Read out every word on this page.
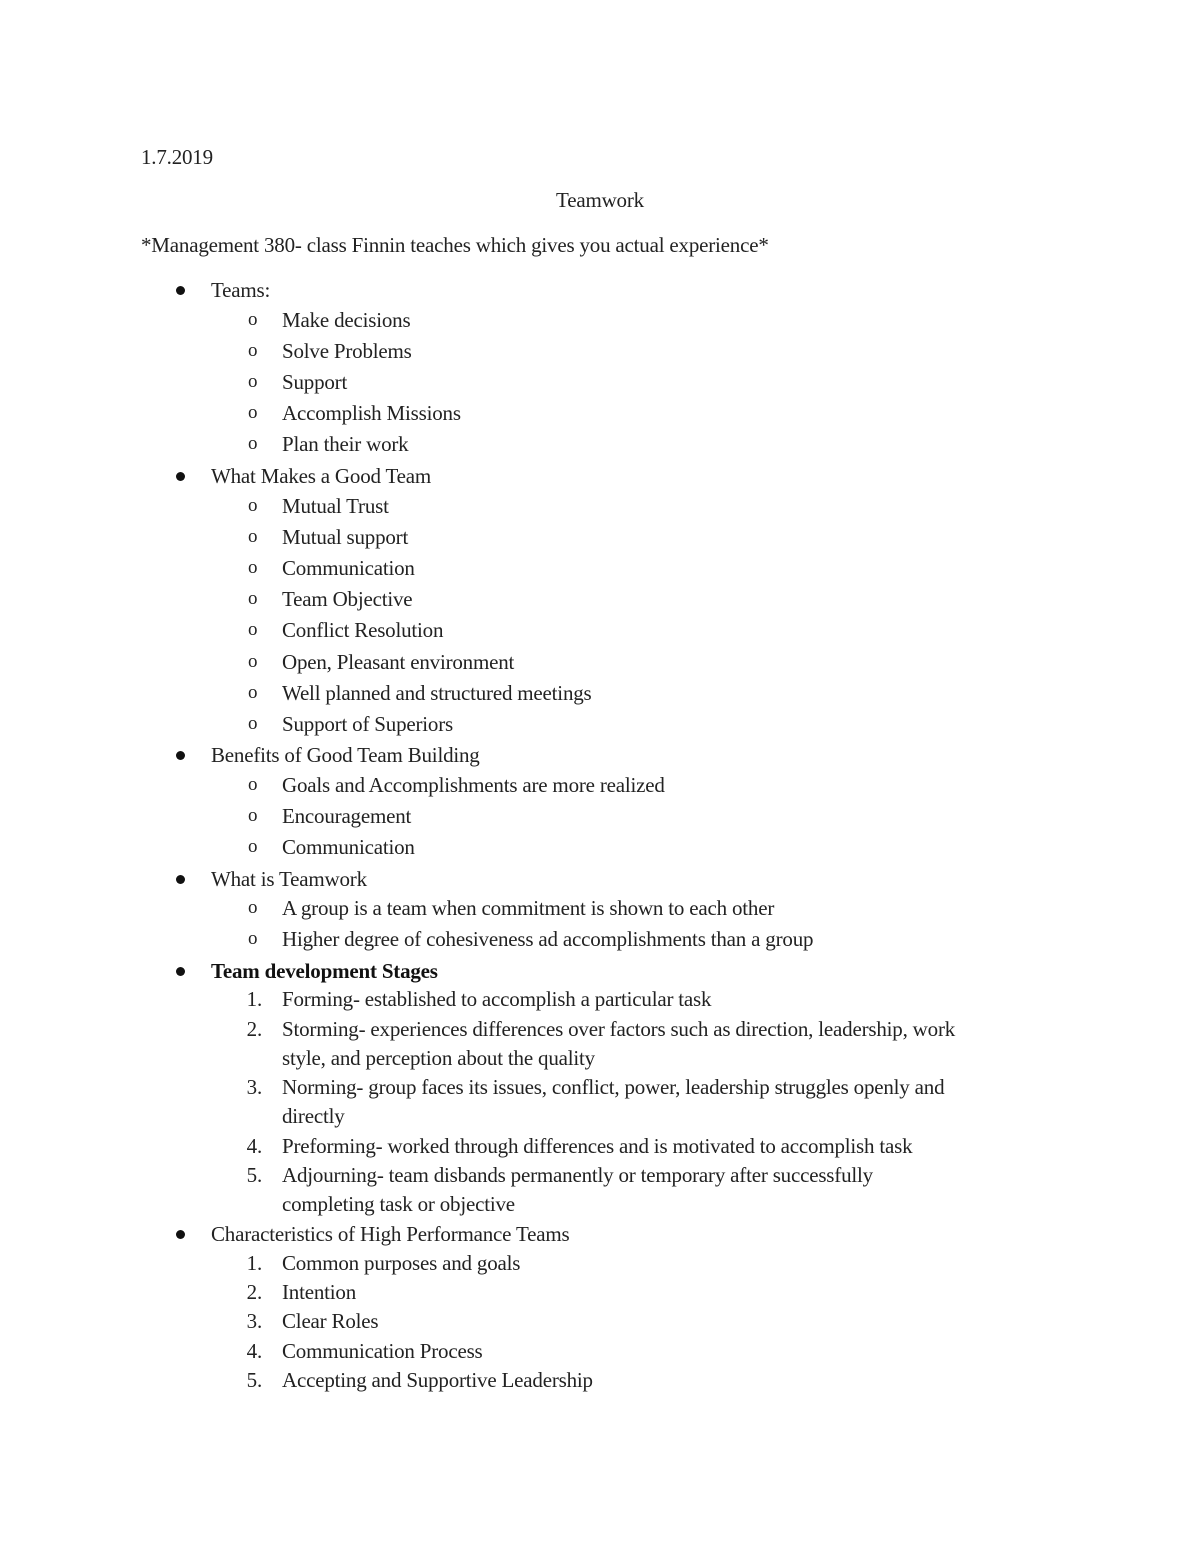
1.7.2019
Teamwork
*Management 380- class Finnin teaches which gives you actual experience*
Teams:
o Make decisions
o Solve Problems
o Support
o Accomplish Missions
o Plan their work
What Makes a Good Team
o Mutual Trust
o Mutual support
o Communication
o Team Objective
o Conflict Resolution
o Open, Pleasant environment
o Well planned and structured meetings
o Support of Superiors
Benefits of Good Team Building
o Goals and Accomplishments are more realized
o Encouragement
o Communication
What is Teamwork
o A group is a team when commitment is shown to each other
o Higher degree of cohesiveness ad accomplishments than a group
Team development Stages
1. Forming- established to accomplish a particular task
2. Storming- experiences differences over factors such as direction, leadership, work
style, and perception about the quality
3. Norming- group faces its issues, conflict, power, leadership struggles openly and
directly
4. Preforming- worked through differences and is motivated to accomplish task
5. Adjourning- team disbands permanently or temporary after successfully
completing task or objective
Characteristics of High Performance Teams
1. Common purposes and goals
2. Intention
3. Clear Roles
4. Communication Process
5. Accepting and Supportive Leadership
